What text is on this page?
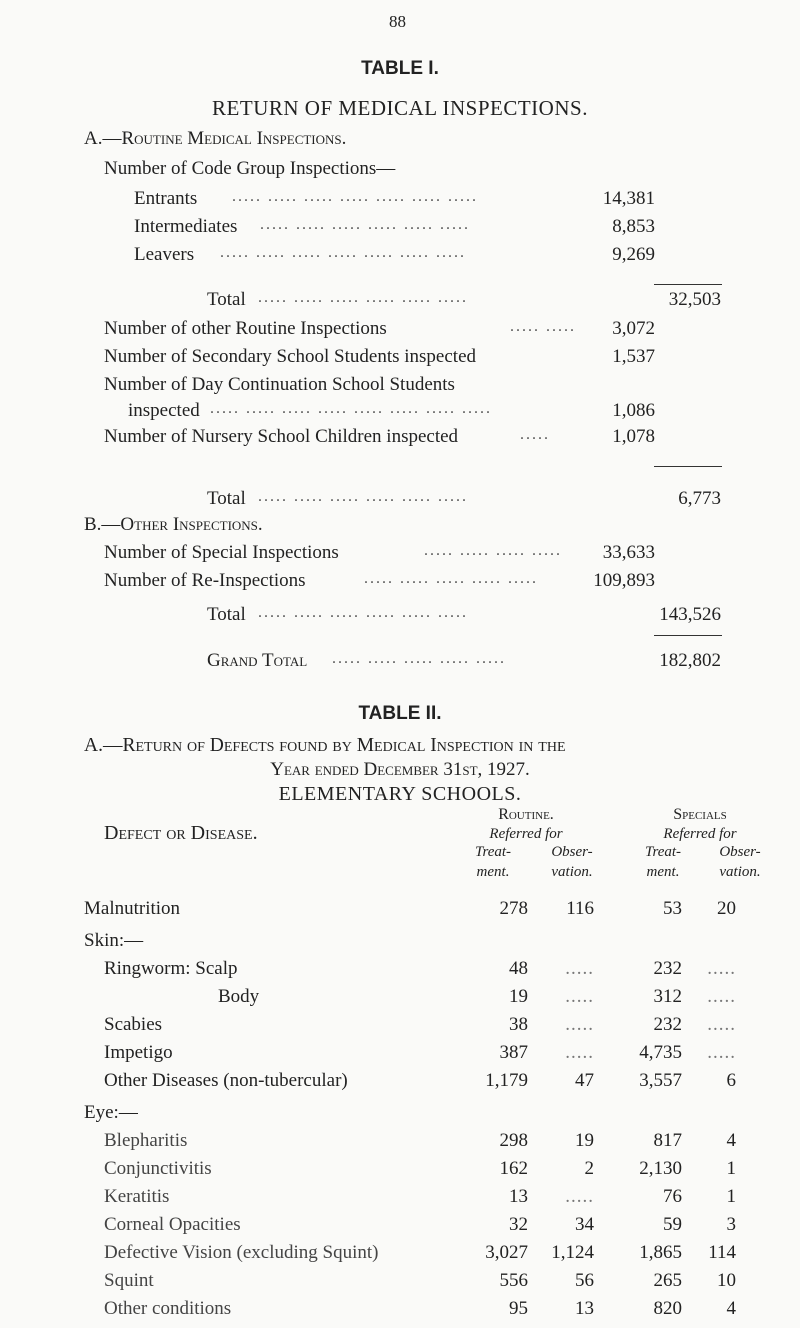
88
TABLE I.
RETURN OF MEDICAL INSPECTIONS.
A.—Routine Medical Inspections.
Number of Code Group Inspections—
Entrants ..... ..... ..... ..... ..... ..... .....	14,381
Intermediates ..... ..... ..... ..... ..... .....	8,853
Leavers ..... ..... ..... ..... ..... ..... .....	9,269
Total ..... ..... ..... ..... ..... .....	32,503
Number of other Routine Inspections	..... .....	3,072
Number of Secondary School Students inspected	1,537
Number of Day Continuation School Students
inspected ..... ..... ..... ..... ..... ..... ..... .....	1,086
Number of Nursery School Children inspected	.....	1,078
Total ..... ..... ..... ..... ..... .....	6,773
B.—Other Inspections.
Number of Special Inspections	..... ..... ..... .....	33,633
Number of Re-Inspections	..... ..... ..... ..... .....	109,893
Total ..... ..... ..... ..... ..... .....	143,526
Grand Total ..... ..... ..... ..... .....	182,802
TABLE II.
A.—Return of Defects found by Medical Inspection in the
Year ended December 31st, 1927.
ELEMENTARY SCHOOLS.
Defect or Disease.
Routine.	Specials
Referred for	Referred for
Treat-
ment.
Obser-
vation.
Treat-
ment.
Obser-
vation.
Malnutrition	278	116	53	20
Skin:—
Ringworm: Scalp	48	.....	232	.....
Body	19	.....	312	.....
Scabies	38	.....	232	.....
Impetigo	387	.....	4,735	.....
Other Diseases (non-tubercular)	1,179	47	3,557	6
Eye:—
Blepharitis	298	19	817	4
Conjunctivitis	162	2	2,130	1
Keratitis	13	.....	76	1
Corneal Opacities	32	34	59	3
Defective Vision (excluding Squint)	3,027	1,124	1,865	114
Squint	556	56	265	10
Other conditions	95	13	820	4
